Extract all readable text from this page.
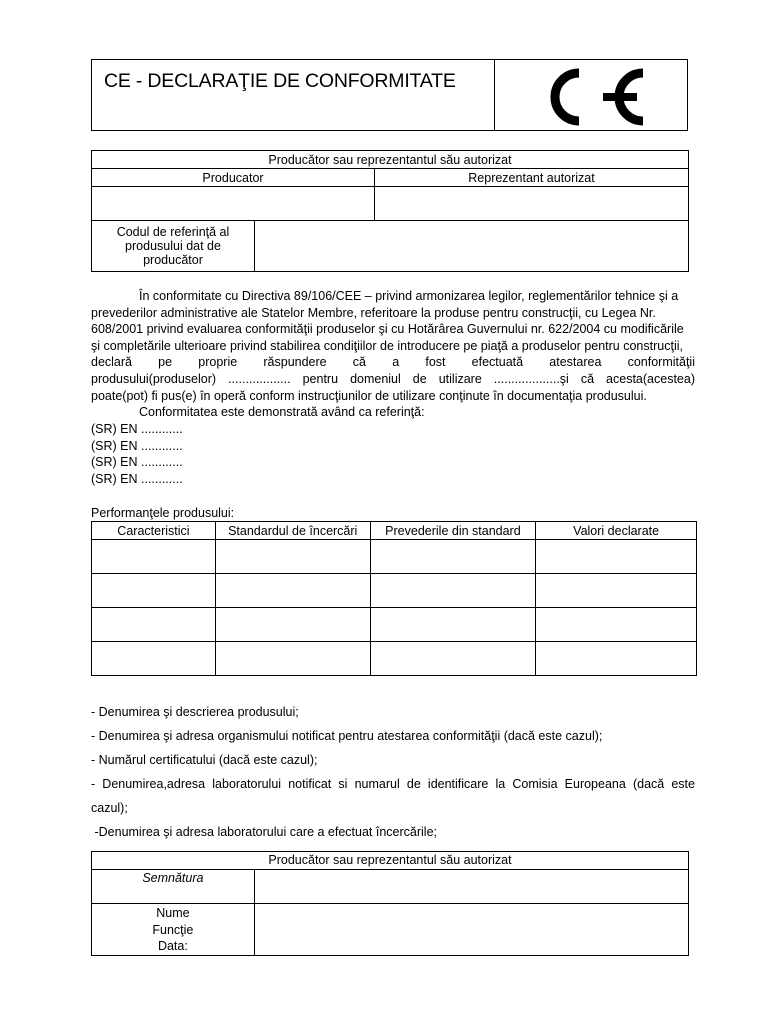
CE - DECLARAŢIE DE CONFORMITATE
Producător sau reprezentantul său autorizat		
Producator		Reprezentant autorizat

Codul de referinţă al
produsului dat de
producător		

În conformitate cu Directiva 89/106/CEE – privind armonizarea legilor, reglementărilor tehnice şi a

prevederilor administrative ale Statelor Membre, referitoare la produse pentru construcţii, cu Legea Nr.

608/2001 privind evaluarea conformităţii produselor şi cu Hotărârea Guvernului nr. 622/2004 cu modificările

şi completările ulterioare privind stabilirea condiţiilor de introducere pe piaţă a produselor pentru construcţii,

declară pe proprie răspundere că a fost efectuată atestarea conformităţii

produsului(produselor) .................. pentru domeniul de utilizare ...................şi că acesta(acestea)

poate(pot) fi pus(e) în operă conform instrucţiunilor de utilizare conţinute în documentaţia produsului.

Conformitatea este demonstrată având ca referinţă:

(SR) EN ............
(SR) EN ............
(SR) EN ............
(SR) EN ............
Performanţele produsului:
Caracteristici	Standardul de încercări	Prevederile din standard	Valori declarate

- Denumirea şi descrierea produsului;
- Denumirea şi adresa organismului notificat pentru atestarea conformităţii (dacă este cazul);
- Numărul certificatului (dacă este cazul);
- Denumirea,adresa laboratorului notificat si numarul de identificare la Comisia Europeana (dacă este
cazul);
-Denumirea şi adresa laboratorului care a efectuat încercările;
Producător sau reprezentantul său autorizat	
Semnătura	

Nume
Funcţie
Data:	
